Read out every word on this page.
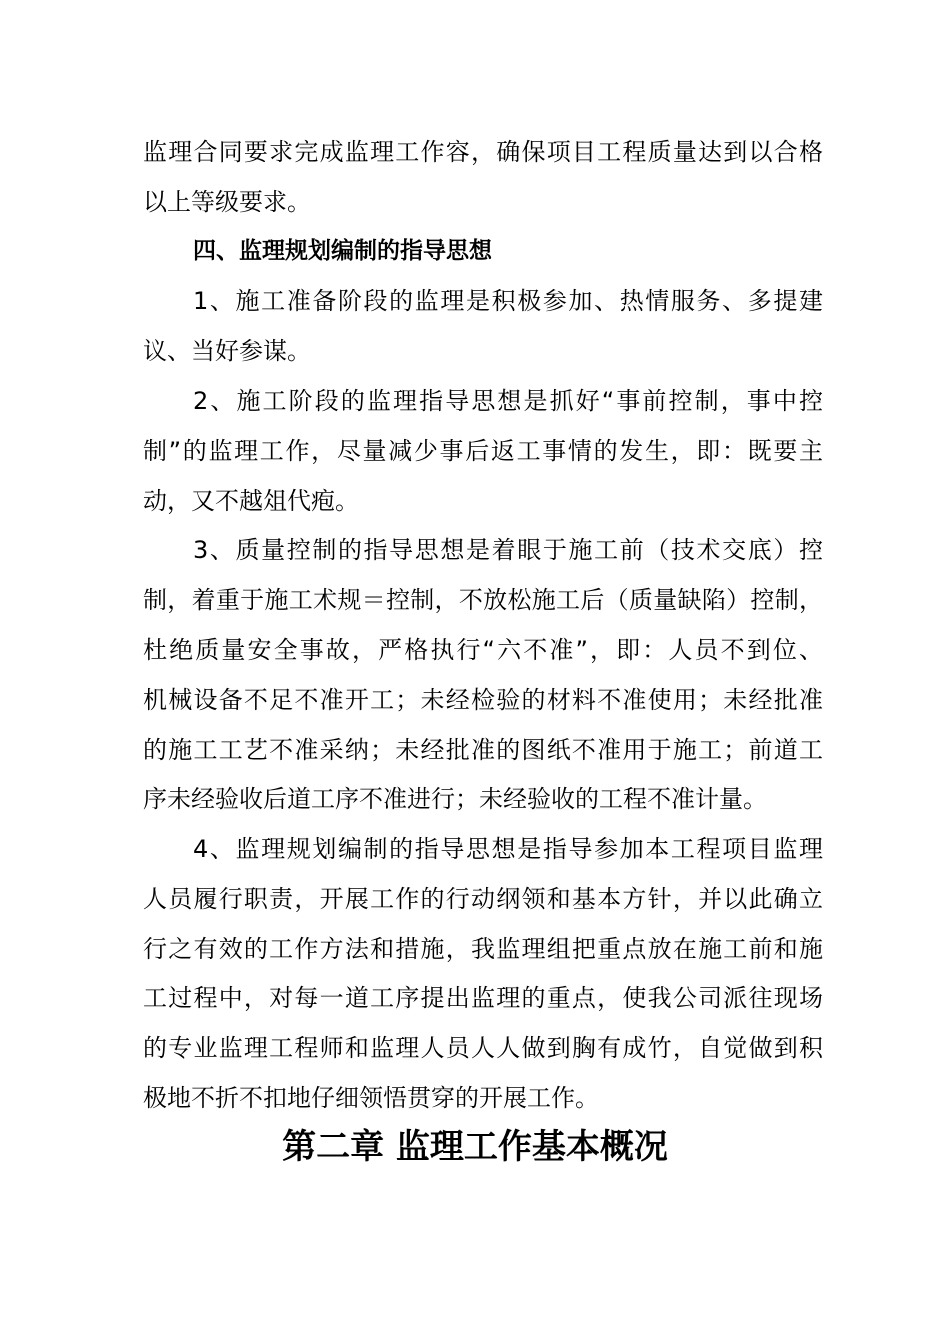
监理合同要求完成监理工作容，确保项目工程质量达到以合格
以上等级要求。
四、监理规划编制的指导思想
1、施工准备阶段的监理是积极参加、热情服务、多提建
议、当好参谋。
2、施工阶段的监理指导思想是抓好“事前控制，事中控
制”的监理工作，尽量减少事后返工事情的发生，即：既要主
动，又不越俎代疱。
3、质量控制的指导思想是着眼于施工前（技术交底）控
制，着重于施工术规＝控制，不放松施工后（质量缺陷）控制，
杜绝质量安全事故，严格执行“六不准”，即：人员不到位、
机械设备不足不准开工；未经检验的材料不准使用；未经批准
的施工工艺不准采纳；未经批准的图纸不准用于施工；前道工
序未经验收后道工序不准进行；未经验收的工程不准计量。
4、监理规划编制的指导思想是指导参加本工程项目监理
人员履行职责，开展工作的行动纲领和基本方针，并以此确立
行之有效的工作方法和措施，我监理组把重点放在施工前和施
工过程中，对每一道工序提出监理的重点，使我公司派往现场
的专业监理工程师和监理人员人人做到胸有成竹，自觉做到积
极地不折不扣地仔细领悟贯穿的开展工作。
第二章 监理工作基本概况
